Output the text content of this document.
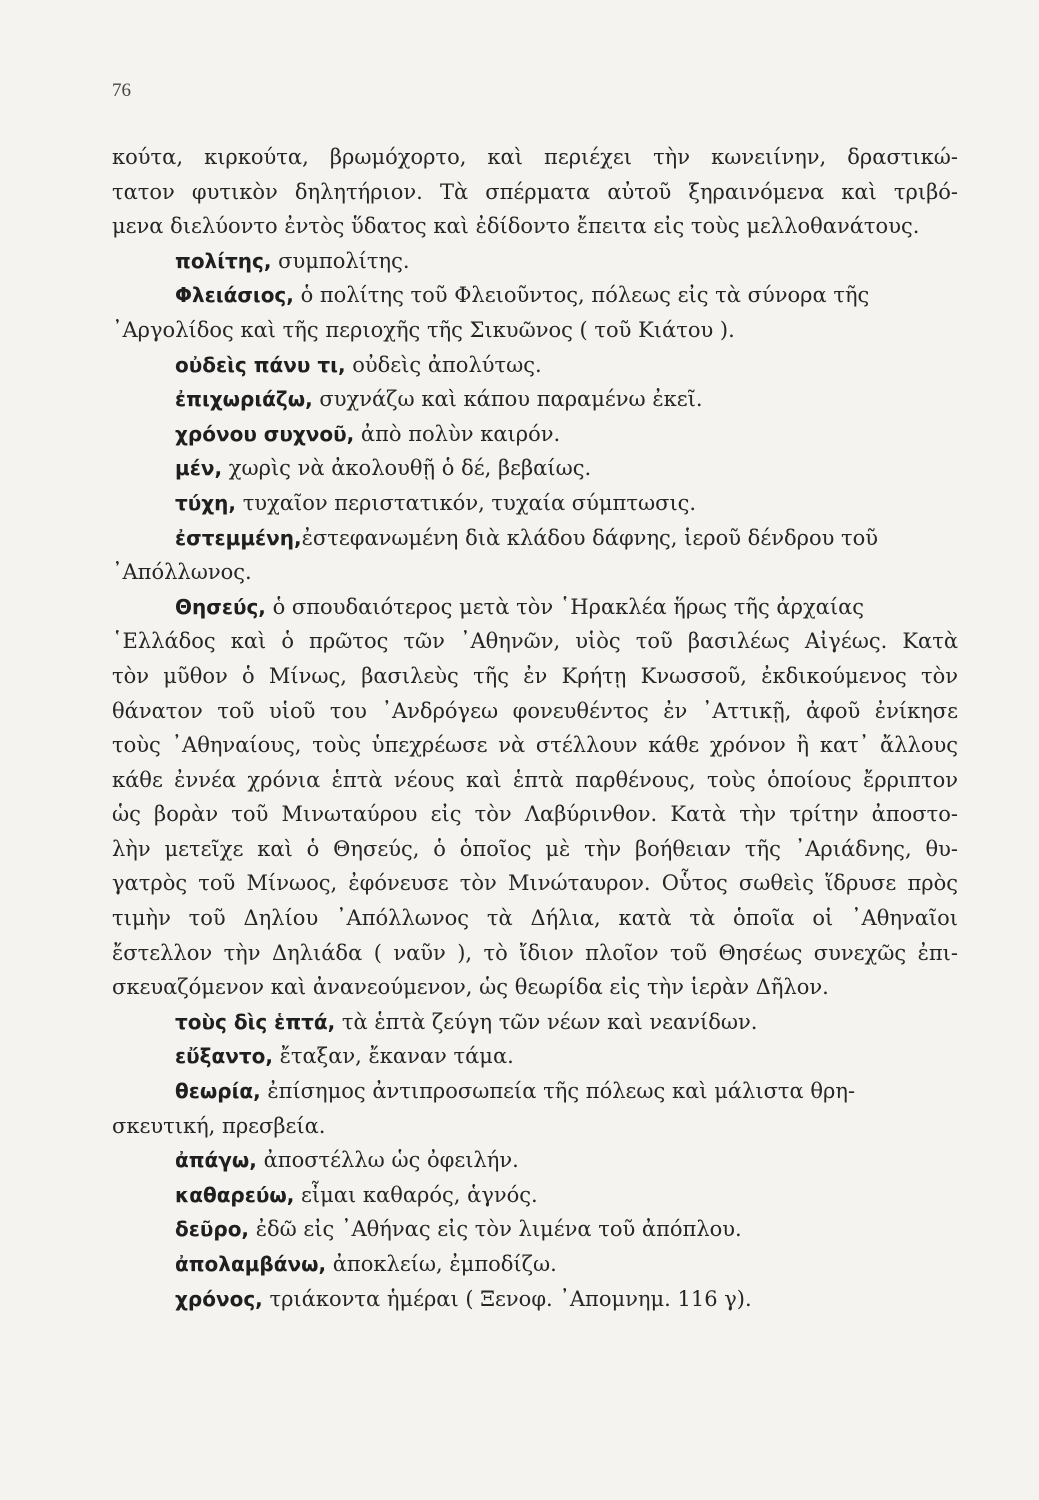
76
κούτα, κιρκούτα, βρωμόχορτο, καὶ περιέχει τὴν κωνειίνην, δραστικώ-
τατον φυτικὸν δηλητήριον. Τὰ σπέρματα αὐτοῦ ξηραινόμενα καὶ τριβό-
μενα διελύοντο ἐντὸς ὕδατος καὶ ἐδίδοντο ἔπειτα εἰς τοὺς μελλοθανάτους.
πολίτης, συμπολίτης.
Φλειάσιος, ὁ πολίτης τοῦ Φλειοῦντος, πόλεως εἰς τὰ σύνορα τῆς
᾿Αργολίδος καὶ τῆς περιοχῆς τῆς Σικυῶνος ( τοῦ Κιάτου ).
οὐδεὶς πάνυ τι, οὐδεὶς ἀπολύτως.
ἐπιχωριάζω, συχνάζω καὶ κάπου παραμένω ἐκεῖ.
χρόνου συχνοῦ, ἀπὸ πολὺν καιρόν.
μέν, χωρὶς νὰ ἀκολουθῇ ὁ δέ, βεβαίως.
τύχη, τυχαῖον περιστατικόν, τυχαία σύμπτωσις.
ἐστεμμένη,ἐστεφανωμένη διὰ κλάδου δάφνης, ἱεροῦ δένδρου τοῦ
᾿Απόλλωνος.
Θησεύς, ὁ σπουδαιότερος μετὰ τὸν ῾Ηρακλέα ἥρως τῆς ἀρχαίας
῾Ελλάδος καὶ ὁ πρῶτος τῶν ᾿Αθηνῶν, υἱὸς τοῦ βασιλέως Αἰγέως. Κατὰ
τὸν μῦθον ὁ Μίνως, βασιλεὺς τῆς ἐν Κρήτῃ Κνωσσοῦ, ἐκδικούμενος τὸν
θάνατον τοῦ υἱοῦ του ᾿Ανδρόγεω φονευθέντος ἐν ᾿Αττικῇ, ἀφοῦ ἐνίκησε
τοὺς ᾿Αθηναίους, τοὺς ὑπεχρέωσε νὰ στέλλουν κάθε χρόνον ἢ κατ᾿ ἄλλους
κάθε ἐννέα χρόνια ἑπτὰ νέους καὶ ἑπτὰ παρθένους, τοὺς ὁποίους ἔρριπτον
ὡς βορὰν τοῦ Μινωταύρου εἰς τὸν Λαβύρινθον. Κατὰ τὴν τρίτην ἀποστο-
λὴν μετεῖχε καὶ ὁ Θησεύς, ὁ ὁποῖος μὲ τὴν βοήθειαν τῆς ᾿Αριάδνης, θυ-
γατρὸς τοῦ Μίνωος, ἐφόνευσε τὸν Μινώταυρον. Οὗτος σωθεὶς ἵδρυσε πρὸς
τιμὴν τοῦ Δηλίου ᾿Απόλλωνος τὰ Δήλια, κατὰ τὰ ὁποῖα οἱ ᾿Αθηναῖοι
ἔστελλον τὴν Δηλιάδα ( ναῦν ), τὸ ἴδιον πλοῖον τοῦ Θησέως συνεχῶς ἐπι-
σκευαζόμενον καὶ ἀνανεούμενον, ὡς θεωρίδα εἰς τὴν ἱερὰν Δῆλον.
τοὺς δὶς ἑπτά, τὰ ἑπτὰ ζεύγη τῶν νέων καὶ νεανίδων.
εὔξαντο, ἔταξαν, ἔκαναν τάμα.
θεωρία, ἐπίσημος ἀντιπροσωπεία τῆς πόλεως καὶ μάλιστα θρη-
σκευτική, πρεσβεία.
ἀπάγω, ἀποστέλλω ὡς ὀφειλήν.
καθαρεύω, εἶμαι καθαρός, ἁγνός.
δεῦρο, ἐδῶ εἰς ᾿Αθήνας εἰς τὸν λιμένα τοῦ ἀπόπλου.
ἀπολαμβάνω, ἀποκλείω, ἐμποδίζω.
χρόνος, τριάκοντα ἡμέραι ( Ξενοφ. ᾿Απομνημ. 116 γ).
